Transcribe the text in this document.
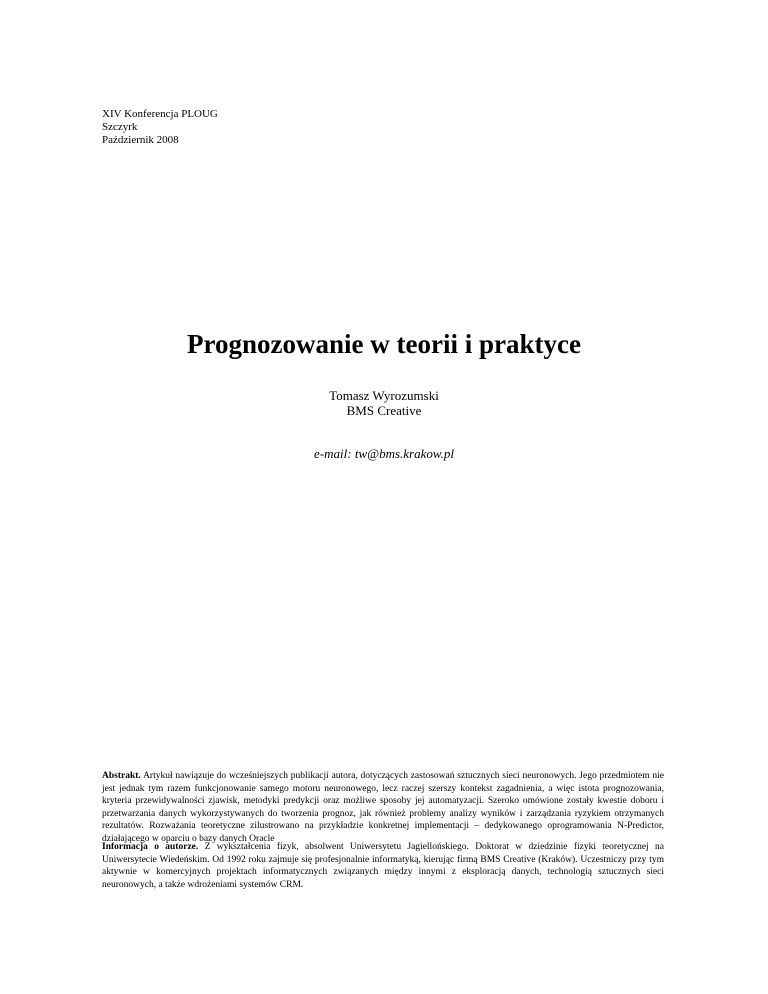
XIV Konferencja PLOUG
Szczyrk
Październik 2008
Prognozowanie w teorii i praktyce
Tomasz Wyrozumski
BMS Creative
e-mail: tw@bms.krakow.pl

Abstrakt. Artykuł nawiązuje do wcześniejszych publikacji autora, dotyczących zastosowań sztucznych sieci neuronowych. Jego przedmiotem nie jest jednak tym razem funkcjonowanie samego motoru neuronowego, lecz raczej szerszy kontekst zagadnienia, a więc istota prognozowania, kryteria przewidywalności zjawisk, metodyki predykcji oraz możliwe sposoby jej automatyzacji. Szeroko omówione zostały kwestie doboru i przetwarzania danych wykorzystywanych do tworzenia prognoz, jak również problemy analizy wyników i zarządzania ryzykiem otrzymanych rezultatów. Rozważania teoretyczne zilustrowano na przykładzie konkretnej implementacji – dedykowanego oprogramowania N-Predictor, działającego w oparciu o bazy danych Oracle

Informacja o autorze. Z wykształcenia fizyk, absolwent Uniwersytetu Jagiellońskiego. Doktorat w dziedzinie fizyki teoretycznej na Uniwersytecie Wiedeńskim. Od 1992 roku zajmuje się profesjonalnie informatyką, kierując firmą BMS Creative (Kraków). Uczestniczy przy tym aktywnie w komercyjnych projektach informatycznych związanych między innymi z eksploracją danych, technologią sztucznych sieci neuronowych, a także wdrożeniami systemów CRM.
